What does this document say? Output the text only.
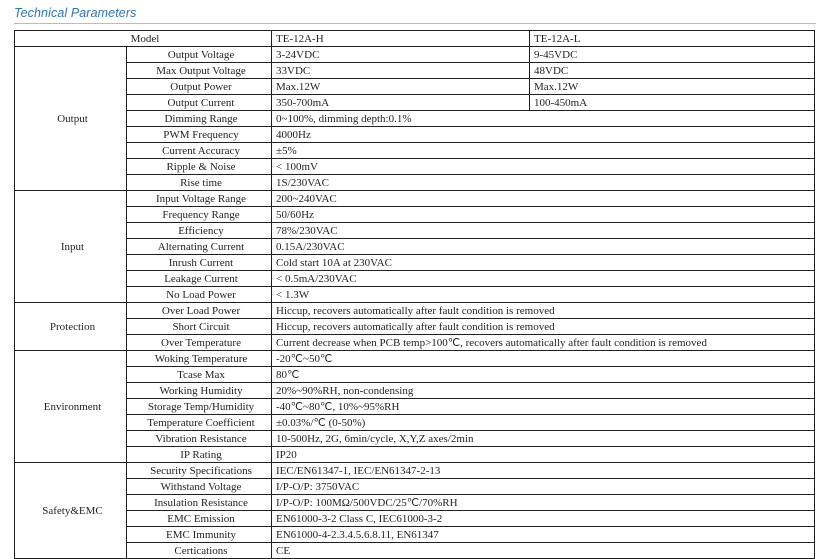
Technical Parameters
Model		TE-12A-H	TE-12A-L
Output	Output Voltage	3-24VDC	9-45VDC
	Max Output Voltage	33VDC	48VDC
	Output Power	Max.12W	Max.12W
	Output Current	350-700mA	100-450mA
	Dimming Range	0~100%, dimming depth:0.1%	
	PWM Frequency	4000Hz	
	Current Accuracy	±5%	
	Ripple & Noise	< 100mV	
	Rise time	1S/230VAC	
Input	Input Voltage Range	200~240VAC	
	Frequency Range	50/60Hz	
	Efficiency	78%/230VAC	
	Alternating Current	0.15A/230VAC	
	Inrush Current	Cold start 10A at 230VAC	
	Leakage Current	< 0.5mA/230VAC	
	No Load Power	< 1.3W	
Protection	Over Load Power	Hiccup, recovers automatically after fault condition is removed	
	Short Circuit	Hiccup, recovers automatically after fault condition is removed	
	Over Temperature	Current decrease when PCB temp>100℃, recovers automatically after fault condition is removed	
Environment	Woking Temperature	-20℃~50℃	
	Tcase Max	80℃	
	Working Humidity	20%~90%RH, non-condensing	
	Storage Temp/Humidity	-40℃~80℃, 10%~95%RH	
	Temperature Coefficient	±0.03%/℃ (0-50%)	
	Vibration Resistance	10-500Hz, 2G, 6min/cycle, X,Y,Z axes/2min	
	IP Rating	IP20	
Safety&EMC	Security Specifications	IEC/EN61347-1, IEC/EN61347-2-13	
	Withstand Voltage	I/P-O/P: 3750VAC	
	Insulation Resistance	I/P-O/P: 100MΩ/500VDC/25℃/70%RH	
	EMC Emission	EN61000-3-2 Class C, IEC61000-3-2	
	EMC Immunity	EN61000-4-2.3.4.5.6.8.11, EN61347	
	Certications	CE	
